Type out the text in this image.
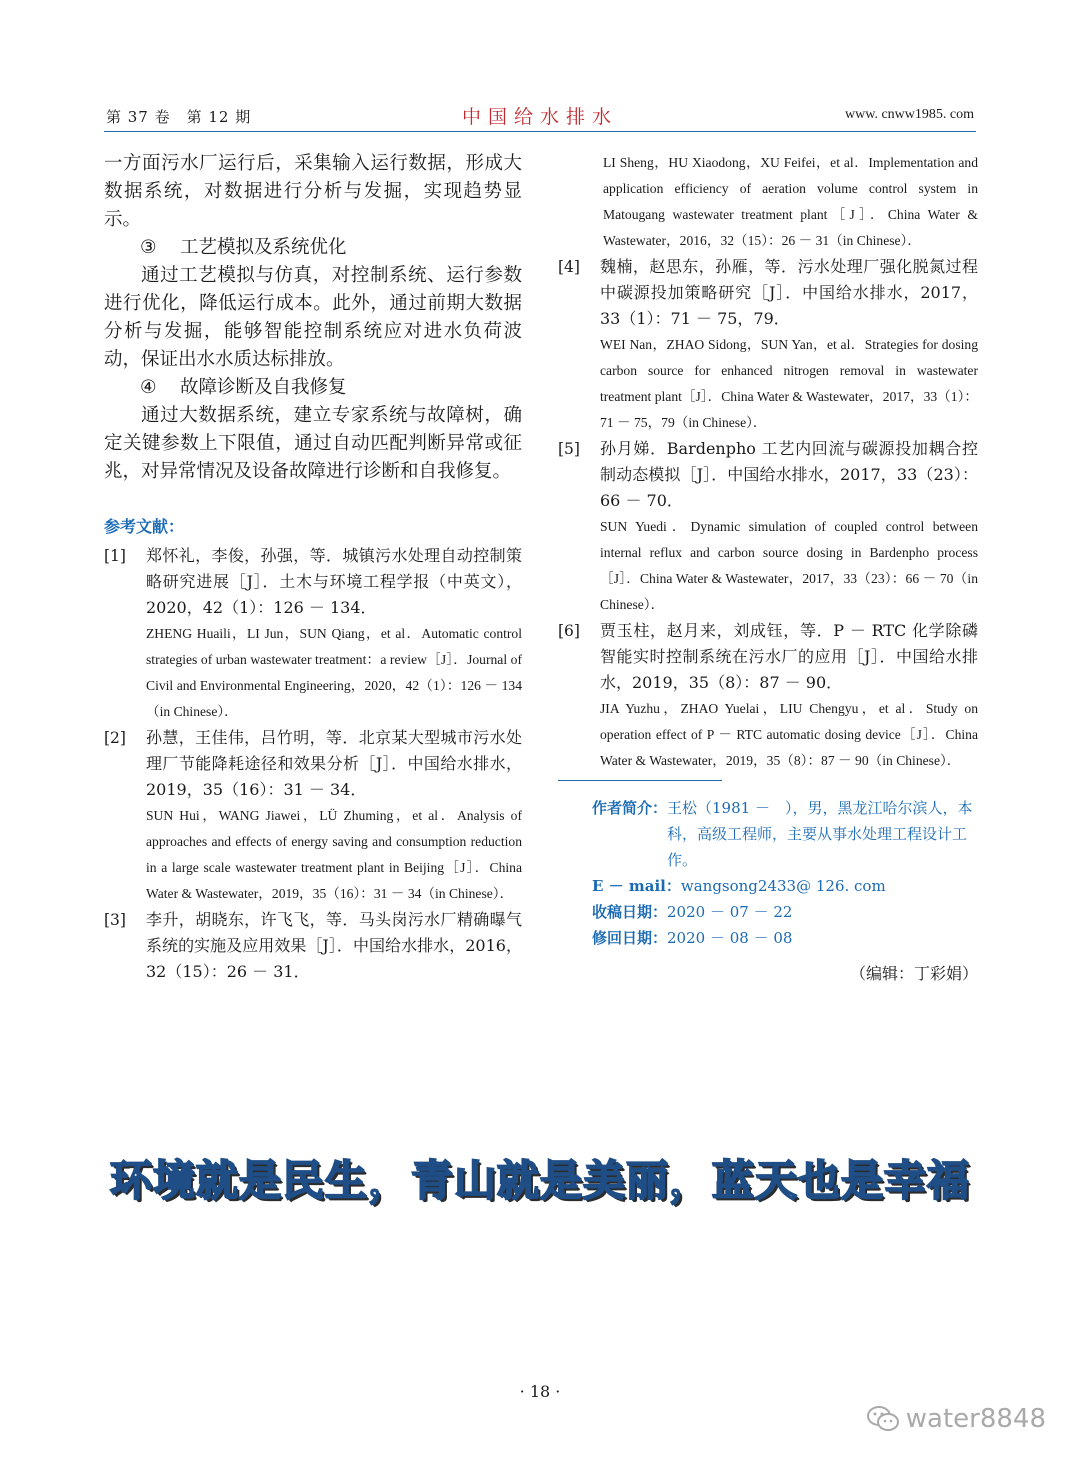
第 37 卷　第 12 期	中国给水排水	www. cnww1985. com

一方面污水厂运行后，采集输入运行数据，形成大数据系统，对数据进行分析与发掘，实现趋势显示。

③ 工艺模拟及系统优化

通过工艺模拟与仿真，对控制系统、运行参数进行优化，降低运行成本。此外，通过前期大数据分析与发掘，能够智能控制系统应对进水负荷波动，保证出水水质达标排放。

④ 故障诊断及自我修复

通过大数据系统，建立专家系统与故障树，确定关键参数上下限值，通过自动匹配判断异常或征兆，对异常情况及设备故障进行诊断和自我修复。

参考文献：
[1] 郑怀礼，李俊，孙强，等．城镇污水处理自动控制策略研究进展［J］．土木与环境工程学报（中英文），2020，42（1）：126 － 134．

ZHENG Huaili，LI Jun，SUN Qiang，et al．Automatic control strategies of urban wastewater treatment：a review［J］．Journal of Civil and Environmental Engineering，2020，42（1）：126 － 134（in Chinese）．

[2] 孙慧，王佳伟，吕竹明，等．北京某大型城市污水处理厂节能降耗途径和效果分析［J］．中国给水排水，2019，35（16）：31 － 34．

SUN Hui，WANG Jiawei，LÜ Zhuming，et al．Analysis of approaches and effects of energy saving and consumption reduction in a large scale wastewater treatment plant in Beijing［J］．China Water & Wastewater，2019，35（16）：31 － 34（in Chinese）．

[3] 李升，胡晓东，许飞飞，等．马头岗污水厂精确曝气系统的实施及应用效果［J］．中国给水排水，2016，32（15）：26 － 31．

LI Sheng，HU Xiaodong，XU Feifei，et al．Implementation and application efficiency of aeration volume control system in Matougang wastewater treatment plant［J］．China Water & Wastewater，2016，32（15）：26 － 31（in Chinese）．

[4] 魏楠，赵思东，孙雁，等．污水处理厂强化脱氮过程中碳源投加策略研究［J］．中国给水排水，2017，33（1）：71 － 75，79．

WEI Nan，ZHAO Sidong，SUN Yan，et al．Strategies for dosing carbon source for enhanced nitrogen removal in wastewater treatment plant［J］．China Water & Wastewater，2017，33（1）：71 － 75，79（in Chinese）．

[5] 孙月娣．Bardenpho 工艺内回流与碳源投加耦合控制动态模拟［J］．中国给水排水，2017，33（23）：66 － 70．

SUN Yuedi．Dynamic simulation of coupled control between internal reflux and carbon source dosing in Bardenpho process［J］．China Water & Wastewater，2017，33（23）：66 － 70（in Chinese）．

[6] 贾玉柱，赵月来，刘成钰，等．P － RTC 化学除磷智能实时控制系统在污水厂的应用［J］．中国给水排水，2019，35（8）：87 － 90．

JIA Yuzhu，ZHAO Yuelai，LIU Chengyu，et al．Study on operation effect of P － RTC automatic dosing device［J］．China Water & Wastewater，2019，35（8）：87 － 90（in Chinese）．

作者简介：王松（1981 －　），男，黑龙江哈尔滨人，本科，高级工程师，主要从事水处理工程设计工作。

E － mail：wangsong2433@ 126. com

收稿日期：2020 － 07 － 22

修回日期：2020 － 08 － 08

（编辑：丁彩娟）

环境就是民生，青山就是美丽，蓝天也是幸福
· 18 ·
water8848
